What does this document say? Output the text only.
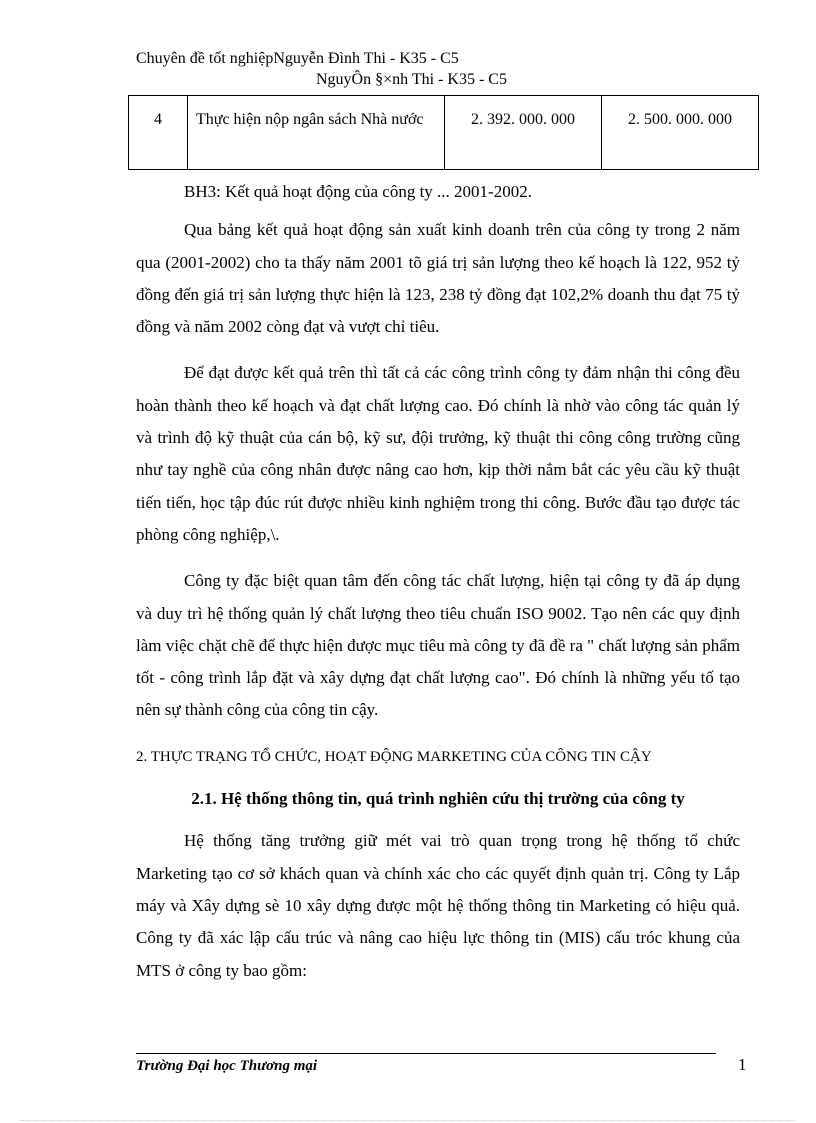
Chuyên đề tốt nghiệpNguyễn Đình Thi - K35 - C5
NguyÔn §×nh Thi - K35 - C5
4	Thực hiện nộp ngân sách Nhà nước	2. 392. 000. 000	2. 500. 000. 000

BH3: Kết quả hoạt động của công ty ... 2001-2002.

Qua bảng kết quả hoạt động sản xuất kinh doanh trên của công ty trong 2 năm qua (2001-2002) cho ta thấy năm 2001 tõ giá trị sản lượng theo kế hoạch là 122, 952 tỷ đồng đến giá trị sản lượng thực hiện là 123, 238 tỷ đồng đạt 102,2% doanh thu đạt 75 tỷ đồng và năm 2002 còng đạt và vượt chỉ tiêu.

Để đạt được kết quả trên thì tất cả các công trình công ty đảm nhận thi công đều hoàn thành theo kế hoạch và đạt chất lượng cao. Đó chính là nhờ vào công tác quản lý và trình độ kỹ thuật của cán bộ, kỹ sư, đội trưởng, kỹ thuật thi công công trường cũng như tay nghề của công nhân được nâng cao hơn, kịp thời nắm bắt các yêu cầu kỹ thuật tiến tiến, học tập đúc rút được nhiều kinh nghiệm trong thi công. Bước đầu tạo được tác phòng công nghiệp,\.

Công ty đặc biệt quan tâm đến công tác chất lượng, hiện tại công ty đã áp dụng và duy trì hệ thống quản lý chất lượng theo tiêu chuẩn ISO 9002. Tạo nên các quy định làm việc chặt chẽ để thực hiện được mục tiêu mà công ty đã đề ra " chất lượng sản phẩm tốt - công trình lắp đặt và xây dựng đạt chất lượng cao". Đó chính là những yếu tố tạo nên sự thành công của công tin cậy.

2. THỰC TRẠNG TỔ CHỨC, HOẠT ĐỘNG MARKETING CỦA CÔNG TIN CẬY

2.1. Hệ thống thông tin, quá trình nghiên cứu thị trường của công ty

Hệ thống tăng trưởng giữ mét vai trò quan trọng trong hệ thống tổ chức Marketing tạo cơ sở khách quan và chính xác cho các quyết định quản trị. Công ty Lắp máy và Xây dựng sè 10 xây dựng được một hệ thống thông tin Marketing có hiệu quả. Công ty đã xác lập cấu trúc và nâng cao hiệu lực thông tin (MIS) cấu tróc khung của MTS ở công ty bao gồm:

Trường Đại học Thương mại	1
